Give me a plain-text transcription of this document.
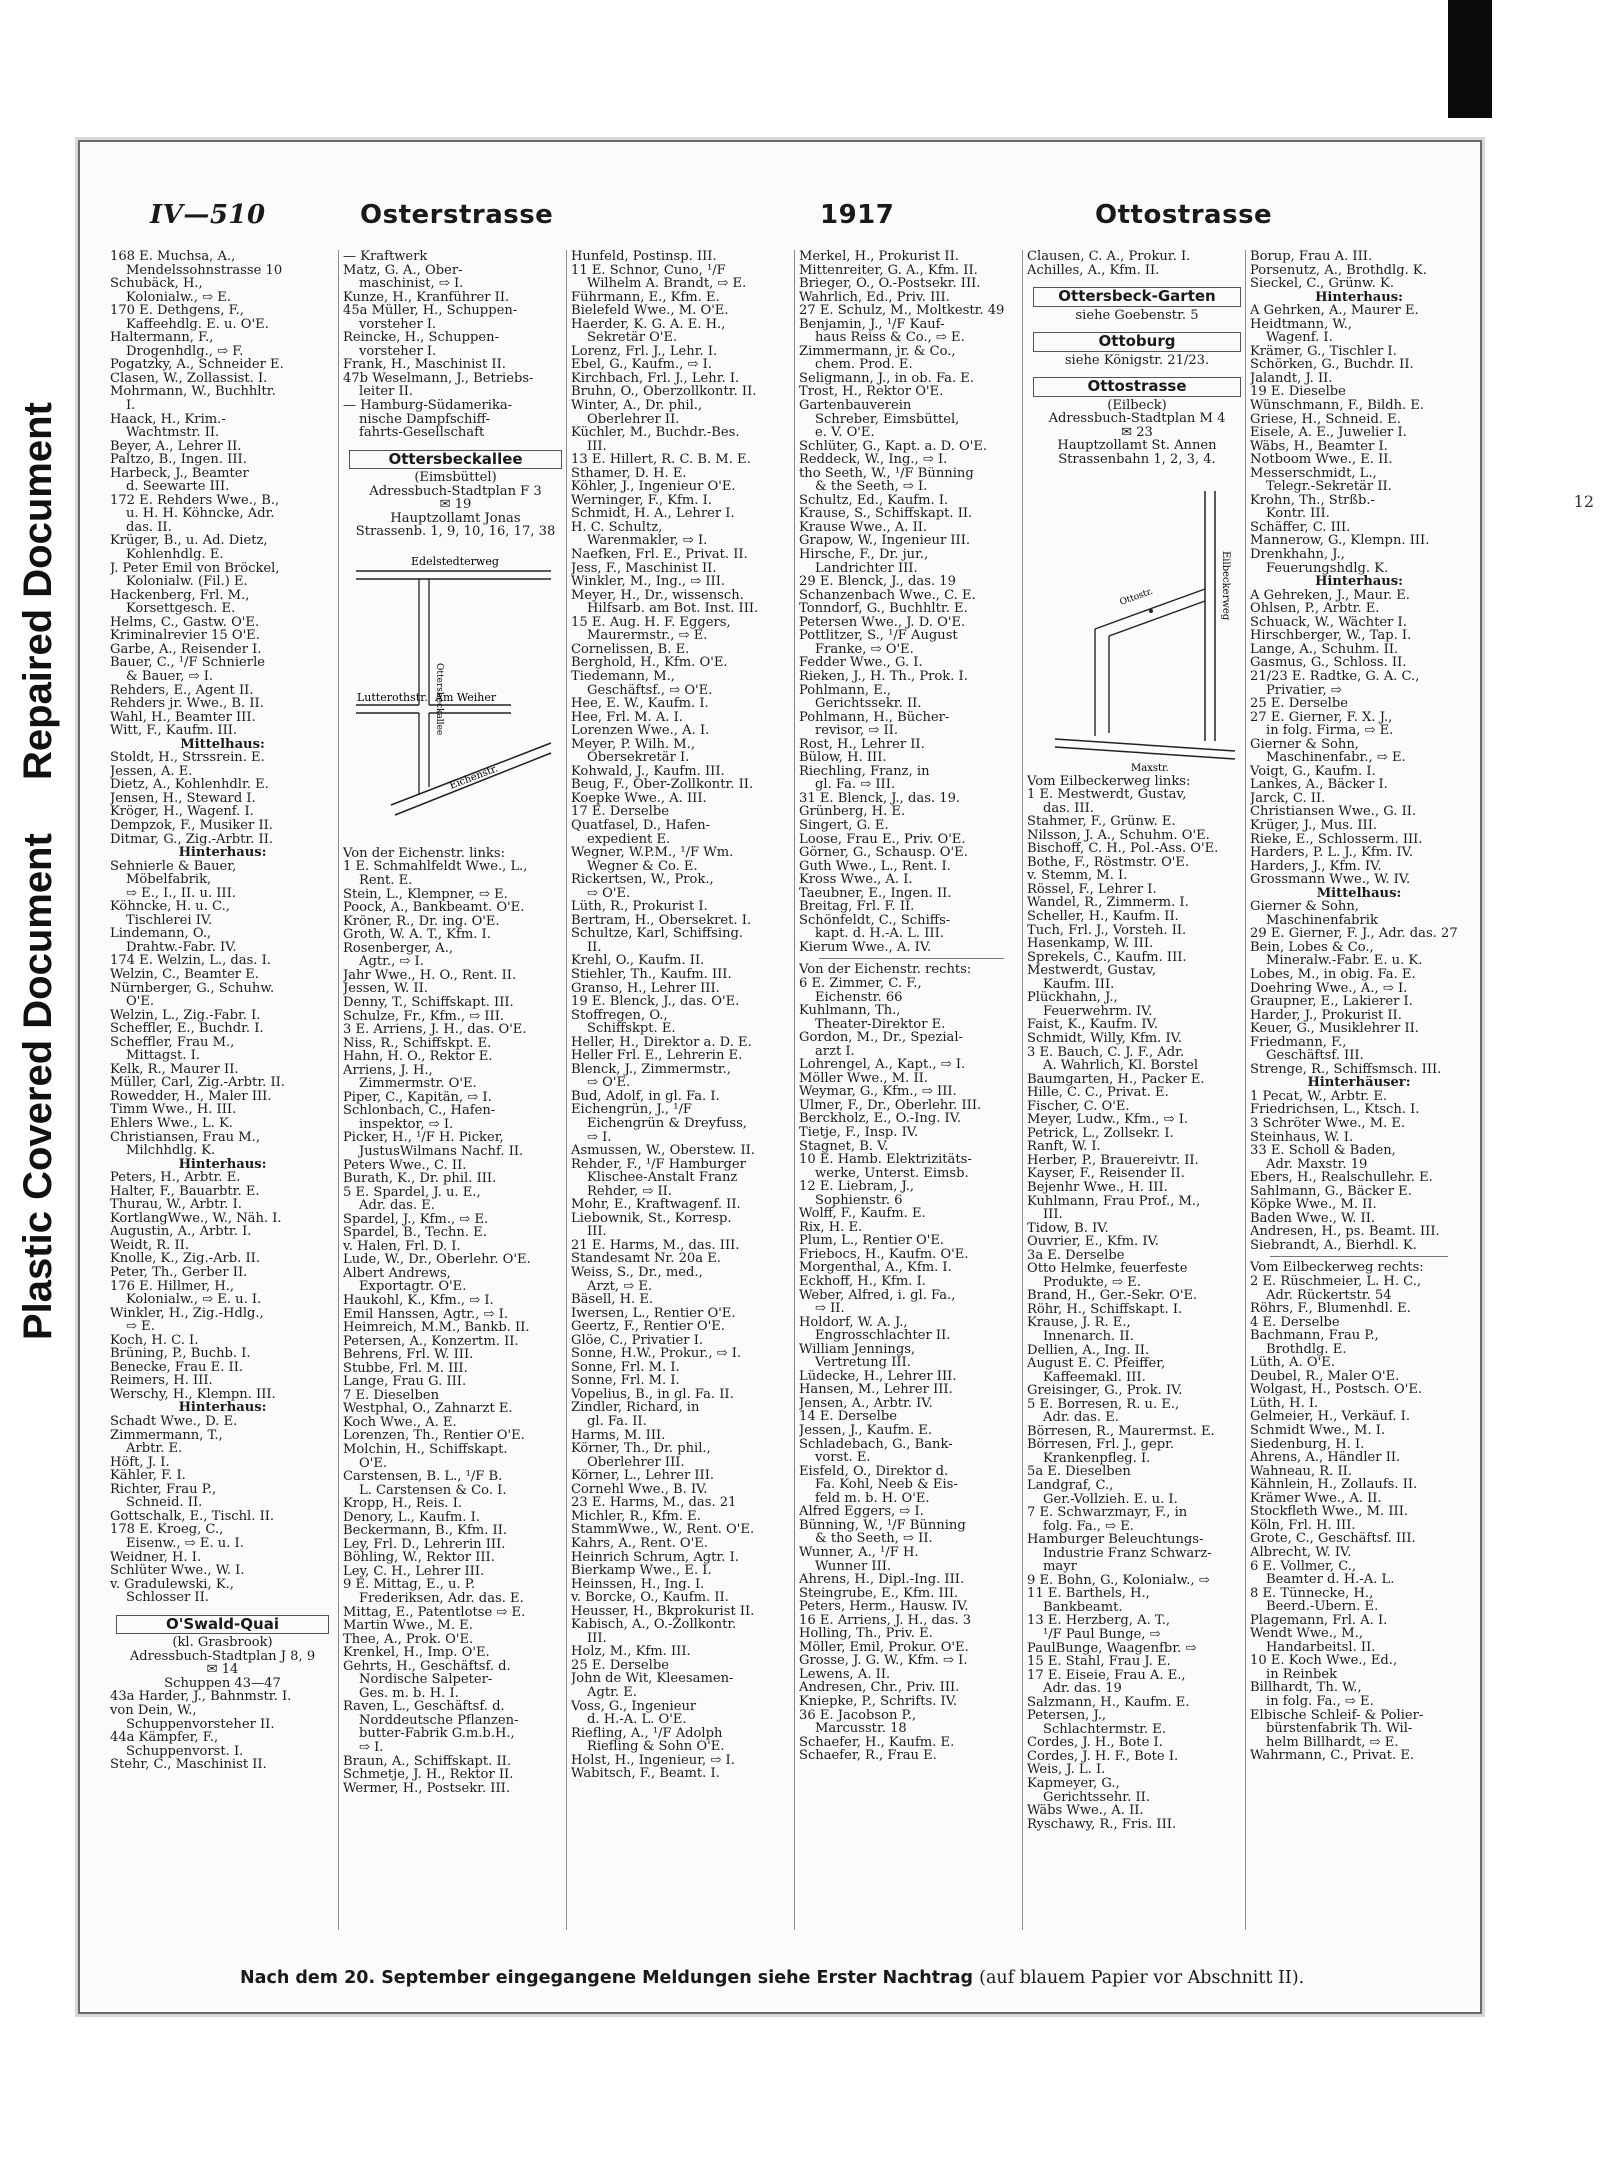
Repaired Document
Plastic Covered Document
12
IV—510	Osterstrasse	1917	Ottostrasse
168 E. Muchsa, A.,
Mendelssohnstrasse 10
Schubäck, H.,
Kolonialw., ⇨ E.
170 E. Dethgens, F.,
Kaffeehdlg. E. u. O'E.
Haltermann, F.,
Drogenhdlg., ⇨ F.
Pogatzky, A., Schneider E.
Clasen, W., Zollassist. I.
Mohrmann, W., Buchhltr.
I.
Haack, H., Krim.-
Wachtmstr. II.
Beyer, A., Lehrer II.
Paltzo, B., Ingen. III.
Harbeck, J., Beamter
d. Seewarte III.
172 E. Rehders Wwe., B.,
u. H. H. Köhncke, Adr.
das. II.
Krüger, B., u. Ad. Dietz,
Kohlenhdlg. E.
J. Peter Emil von Bröckel,
Kolonialw. (Fil.) E.
Hackenberg, Frl. M.,
Korsettgesch. E.
Helms, C., Gastw. O'E.
Kriminalrevier 15 O'E.
Garbe, A., Reisender I.
Bauer, C., ¹/F Schnierle
& Bauer, ⇨ I.
Rehders, E., Agent II.
Rehders jr. Wwe., B. II.
Wahl, H., Beamter III.
Witt, F., Kaufm. III.
Mittelhaus:
Stoldt, H., Strssrein. E.
Jessen, A. E.
Dietz, A., Kohlenhdlr. E.
Jensen, H., Steward I.
Kröger, H., Wagenf. I.
Dempzok, F., Musiker II.
Ditmar, G., Zig.-Arbtr. II.
Hinterhaus:
Sehnierle & Bauer,
Möbelfabrik,
⇨ E., I., II. u. III.
Köhncke, H. u. C.,
Tischlerei IV.
Lindemann, O.,
Drahtw.-Fabr. IV.
174 E. Welzin, L., das. I.
Welzin, C., Beamter E.
Nürnberger, G., Schuhw.
O'E.
Welzin, L., Zig.-Fabr. I.
Scheffler, E., Buchdr. I.
Scheffler, Frau M.,
Mittagst. I.
Kelk, R., Maurer II.
Müller, Carl, Zig.-Arbtr. II.
Rowedder, H., Maler III.
Timm Wwe., H. III.
Ehlers Wwe., L. K.
Christiansen, Frau M.,
Milchhdlg. K.
Hinterhaus:
Peters, H., Arbtr. E.
Halter, F., Bauarbtr. E.
Thurau, W., Arbtr. I.
KortlangWwe., W., Näh. I.
Augustin, A., Arbtr. I.
Weidt, R. II.
Knolle, K., Zig.-Arb. II.
Peter, Th., Gerber II.
176 E. Hillmer, H.,
Kolonialw., ⇨ E. u. I.
Winkler, H., Zig.-Hdlg.,
⇨ E.
Koch, H. C. I.
Brüning, P., Buchb. I.
Benecke, Frau E. II.
Reimers, H. III.
Werschy, H., Klempn. III.
Hinterhaus:
Schadt Wwe., D. E.
Zimmermann, T.,
Arbtr. E.
Höft, J. I.
Kähler, F. I.
Richter, Frau P.,
Schneid. II.
Gottschalk, E., Tischl. II.
178 E. Kroeg, C.,
Eisenw., ⇨ E. u. I.
Weidner, H. I.
Schlüter Wwe., W. I.
v. Gradulewski, K.,
Schlosser II.
O'Swald-Quai
(kl. Grasbrook)
Adressbuch-Stadtplan J 8, 9
✉ 14
Schuppen 43—47
43a Harder, J., Bahnmstr. I.
von Dein, W.,
Schuppenvorsteher II.
44a Kämpfer, F.,
Schuppenvorst. I.
Stehr, C., Maschinist II.
— Kraftwerk
Matz, G. A., Ober-
maschinist, ⇨ I.
Kunze, H., Kranführer II.
45a Müller, H., Schuppen-
vorsteher I.
Reincke, H., Schuppen-
vorsteher I.
Frank, H., Maschinist II.
47b Weselmann, J., Betriebs-
leiter II.
— Hamburg-Südamerika-
nische Dampfschiff-
fahrts-Gesellschaft
Ottersbeckallee
(Eimsbüttel)
Adressbuch-Stadtplan F 3
✉ 19
Hauptzollamt Jonas
Strassenb. 1, 9, 10, 16, 17, 38
Edelstedterweg
Lutterothstr. Am Weiher
Eichenstr.
Ottersbeckallee
Von der Eichenstr. links:
1 E. Schmahlfeldt Wwe., L.,
Rent. E.
Stein, L., Klempner, ⇨ E.
Poock, A., Bankbeamt. O'E.
Kröner, R., Dr. ing. O'E.
Groth, W. A. T., Kfm. I.
Rosenberger, A.,
Agtr., ⇨ I.
Jahr Wwe., H. O., Rent. II.
Jessen, W. II.
Denny, T., Schiffskapt. III.
Schulze, Fr., Kfm., ⇨ III.
3 E. Arriens, J. H., das. O'E.
Niss, R., Schiffskpt. E.
Hahn, H. O., Rektor E.
Arriens, J. H.,
Zimmermstr. O'E.
Piper, C., Kapitän, ⇨ I.
Schlonbach, C., Hafen-
inspektor, ⇨ I.
Picker, H., ¹/F H. Picker,
JustusWilmans Nachf. II.
Peters Wwe., C. II.
Burath, K., Dr. phil. III.
5 E. Spardel, J. u. E.,
Adr. das. E.
Spardel, J., Kfm., ⇨ E.
Spardel, B., Techn. E.
v. Halen, Frl. D. I.
Lude, W., Dr., Oberlehr. O'E.
Albert Andrews,
Exportagtr. O'E.
Haukohl, K., Kfm., ⇨ I.
Emil Hanssen, Agtr., ⇨ I.
Heimreich, M.M., Bankb. II.
Petersen, A., Konzertm. II.
Behrens, Frl. W. III.
Stubbe, Frl. M. III.
Lange, Frau G. III.
7 E. Dieselben
Westphal, O., Zahnarzt E.
Koch Wwe., A. E.
Lorenzen, Th., Rentier O'E.
Molchin, H., Schiffskapt.
O'E.
Carstensen, B. L., ¹/F B.
L. Carstensen & Co. I.
Kropp, H., Reis. I.
Denory, L., Kaufm. I.
Beckermann, B., Kfm. II.
Ley, Frl. D., Lehrerin III.
Böhling, W., Rektor III.
Ley, C. H., Lehrer III.
9 E. Mittag, E., u. P.
Frederiksen, Adr. das. E.
Mittag, E., Patentlotse ⇨ E.
Martin Wwe., M. E.
Thee, A., Prok. O'E.
Krenkel, H., Imp. O'E.
Gehrts, H., Geschäftsf. d.
Nordische Salpeter-
Ges. m. b. H. I.
Raven, L., Geschäftsf. d.
Norddeutsche Pflanzen-
butter-Fabrik G.m.b.H.,
⇨ I.
Braun, A., Schiffskapt. II.
Schmetje, J. H., Rektor II.
Wermer, H., Postsekr. III.
Hunfeld, Postinsp. III.
11 E. Schnor, Cuno, ¹/F
Wilhelm A. Brandt, ⇨ E.
Führmann, E., Kfm. E.
Bielefeld Wwe., M. O'E.
Haerder, K. G. A. E. H.,
Sekretär O'E.
Lorenz, Frl. J., Lehr. I.
Ebel, G., Kaufm., ⇨ I.
Kirchbach, Frl. J., Lehr. I.
Bruhn, O., Oberzollkontr. II.
Winter, A., Dr. phil.,
Oberlehrer II.
Küchler, M., Buchdr.-Bes.
III.
13 E. Hillert, R. C. B. M. E.
Sthamer, D. H. E.
Köhler, J., Ingenieur O'E.
Werninger, F., Kfm. I.
Schmidt, H. A., Lehrer I.
H. C. Schultz,
Warenmakler, ⇨ I.
Naefken, Frl. E., Privat. II.
Jess, F., Maschinist II.
Winkler, M., Ing., ⇨ III.
Meyer, H., Dr., wissensch.
Hilfsarb. am Bot. Inst. III.
15 E. Aug. H. F. Eggers,
Maurermstr., ⇨ E.
Cornelissen, B. E.
Berghold, H., Kfm. O'E.
Tiedemann, M.,
Geschäftsf., ⇨ O'E.
Hee, E. W., Kaufm. I.
Hee, Frl. M. A. I.
Lorenzen Wwe., A. I.
Meyer, P. Wilh. M.,
Obersekretär I.
Kohwald, J., Kaufm. III.
Beug, F., Ober-Zollkontr. II.
Koepke Wwe., A. III.
17 E. Derselbe
Quatfasel, D., Hafen-
expedient E.
Wegner, W.P.M., ¹/F Wm.
Wegner & Co. E.
Rickertsen, W., Prok.,
⇨ O'E.
Lüth, R., Prokurist I.
Bertram, H., Obersekret. I.
Schultze, Karl, Schiffsing.
II.
Krehl, O., Kaufm. II.
Stiehler, Th., Kaufm. III.
Granso, H., Lehrer III.
19 E. Blenck, J., das. O'E.
Stoffregen, O.,
Schiffskpt. E.
Heller, H., Direktor a. D. E.
Heller Frl. E., Lehrerin E.
Blenck, J., Zimmermstr.,
⇨ O'E.
Bud, Adolf, in gl. Fa. I.
Eichengrün, J., ¹/F
Eichengrün & Dreyfuss,
⇨ I.
Asmussen, W., Oberstew. II.
Rehder, F., ¹/F Hamburger
Klischee-Anstalt Franz
Rehder, ⇨ II.
Mohr, E., Kraftwagenf. II.
Liebownik, St., Korresp.
III.
21 E. Harms, M., das. III.
Standesamt Nr. 20a E.
Weiss, S., Dr., med.,
Arzt, ⇨ E.
Bäsell, H. E.
Iwersen, L., Rentier O'E.
Geertz, F., Rentier O'E.
Glöe, C., Privatier I.
Sonne, H.W., Prokur., ⇨ I.
Sonne, Frl. M. I.
Sonne, Frl. M. I.
Vopelius, B., in gl. Fa. II.
Zindler, Richard, in
gl. Fa. II.
Harms, M. III.
Körner, Th., Dr. phil.,
Oberlehrer III.
Körner, L., Lehrer III.
Cornehl Wwe., B. IV.
23 E. Harms, M., das. 21
Michler, R., Kfm. E.
StammWwe., W., Rent. O'E.
Kahrs, A., Rent. O'E.
Heinrich Schrum, Agtr. I.
Bierkamp Wwe., E. I.
Heinssen, H., Ing. I.
v. Borcke, O., Kaufm. II.
Heusser, H., Bkprokurist II.
Kabisch, A., O.-Zollkontr.
III.
Holz, M., Kfm. III.
25 E. Derselbe
John de Wit, Kleesamen-
Agtr. E.
Voss, G., Ingenieur
d. H.-A. L. O'E.
Riefling, A., ¹/F Adolph
Riefling & Sohn O'E.
Holst, H., Ingenieur, ⇨ I.
Wabitsch, F., Beamt. I.
Merkel, H., Prokurist II.
Mittenreiter, G. A., Kfm. II.
Brieger, O., O.-Postsekr. III.
Wahrlich, Ed., Priv. III.
27 E. Schulz, M., Moltkestr. 49
Benjamin, J., ¹/F Kauf-
haus Reiss & Co., ⇨ E.
Zimmermann, jr. & Co.,
chem. Prod. E.
Seligmann, J., in ob. Fa. E.
Trost, H., Rektor O'E.
Gartenbauverein
Schreber, Eimsbüttel,
e. V. O'E.
Schlüter, G., Kapt. a. D. O'E.
Reddeck, W., Ing., ⇨ I.
tho Seeth, W., ¹/F Bünning
& the Seeth, ⇨ I.
Schultz, Ed., Kaufm. I.
Krause, S., Schiffskapt. II.
Krause Wwe., A. II.
Grapow, W., Ingenieur III.
Hirsche, F., Dr. jur.,
Landrichter III.
29 E. Blenck, J., das. 19
Schanzenbach Wwe., C. E.
Tonndorf, G., Buchhltr. E.
Petersen Wwe., J. D. O'E.
Pottlitzer, S., ¹/F August
Franke, ⇨ O'E.
Fedder Wwe., G. I.
Rieken, J., H. Th., Prok. I.
Pohlmann, E.,
Gerichtssekr. II.
Pohlmann, H., Bücher-
revisor, ⇨ II.
Rost, H., Lehrer II.
Bülow, H. III.
Riechling, Franz, in
gl. Fa. ⇨ III.
31 E. Blenck, J., das. 19.
Grünberg, H. E.
Singert, G. E.
Loose, Frau E., Priv. O'E.
Görner, G., Schausp. O'E.
Guth Wwe., L., Rent. I.
Kross Wwe., A. I.
Taeubner, E., Ingen. II.
Breitag, Frl. F. II.
Schönfeldt, C., Schiffs-
kapt. d. H.-A. L. III.
Kierum Wwe., A. IV.
Von der Eichenstr. rechts:
6 E. Zimmer, C. F.,
Eichenstr. 66
Kuhlmann, Th.,
Theater-Direktor E.
Gordon, M., Dr., Spezial-
arzt I.
Lohrengel, A., Kapt., ⇨ I.
Möller Wwe., M. II.
Weymar, G., Kfm., ⇨ III.
Ulmer, F., Dr., Oberlehr. III.
Berckholz, E., O.-Ing. IV.
Tietje, F., Insp. IV.
Stagnet, B. V.
10 E. Hamb. Elektrizitäts-
werke, Unterst. Eimsb.
12 E. Liebram, J.,
Sophienstr. 6
Wolff, F., Kaufm. E.
Rix, H. E.
Plum, L., Rentier O'E.
Friebocs, H., Kaufm. O'E.
Morgenthal, A., Kfm. I.
Eckhoff, H., Kfm. I.
Weber, Alfred, i. gl. Fa.,
⇨ II.
Holdorf, W. A. J.,
Engrosschlachter II.
William Jennings,
Vertretung III.
Lüdecke, H., Lehrer III.
Hansen, M., Lehrer III.
Jensen, A., Arbtr. IV.
14 E. Derselbe
Jessen, J., Kaufm. E.
Schladebach, G., Bank-
vorst. E.
Eisfeld, O., Direktor d.
Fa. Kohl, Neeb & Eis-
feld m. b. H. O'E.
Alfred Eggers, ⇨ I.
Bünning, W., ¹/F Bünning
& tho Seeth, ⇨ II.
Wunner, A., ¹/F H.
Wunner III.
Ahrens, H., Dipl.-Ing. III.
Steingrube, E., Kfm. III.
Peters, Herm., Hausw. IV.
16 E. Arriens, J. H., das. 3
Holling, Th., Priv. E.
Möller, Emil, Prokur. O'E.
Grosse, J. G. W., Kfm. ⇨ I.
Lewens, A. II.
Andresen, Chr., Priv. III.
Kniepke, P., Schrifts. IV.
36 E. Jacobson P.,
Marcusstr. 18
Schaefer, H., Kaufm. E.
Schaefer, R., Frau E.
Clausen, C. A., Prokur. I.
Achilles, A., Kfm. II.
Ottersbeck-Garten
siehe Goebenstr. 5
Ottoburg
siehe Königstr. 21/23.
Ottostrasse
(Eilbeck)
Adressbuch-Stadtplan M 4
✉ 23
Hauptzollamt St. Annen
Strassenbahn 1, 2, 3, 4.
Eilbeckerweg
Maxstr.
Ottostr.
Vom Eilbeckerweg links:
1 E. Mestwerdt, Gustav,
das. III.
Stahmer, F., Grünw. E.
Nilsson, J. A., Schuhm. O'E.
Bischoff, C. H., Pol.-Ass. O'E.
Bothe, F., Röstmstr. O'E.
v. Stemm, M. I.
Rössel, F., Lehrer I.
Wandel, R., Zimmerm. I.
Scheller, H., Kaufm. II.
Tuch, Frl. J., Vorsteh. II.
Hasenkamp, W. III.
Sprekels, C., Kaufm. III.
Mestwerdt, Gustav,
Kaufm. III.
Plückhahn, J.,
Feuerwehrm. IV.
Faist, K., Kaufm. IV.
Schmidt, Willy, Kfm. IV.
3 E. Bauch, C. J. F., Adr.
A. Wahrlich, Kl. Borstel
Baumgarten, H., Packer E.
Hille, C. C., Privat. E.
Fischer, C. O'E.
Meyer, Ludw., Kfm., ⇨ I.
Petrick, L., Zollsekr. I.
Ranft, W. I.
Herber, P., Brauereivtr. II.
Kayser, F., Reisender II.
Bejenhr Wwe., H. III.
Kuhlmann, Frau Prof., M.,
III.
Tidow, B. IV.
Ouvrier, E., Kfm. IV.
3a E. Derselbe
Otto Helmke, feuerfeste
Produkte, ⇨ E.
Brand, H., Ger.-Sekr. O'E.
Röhr, H., Schiffskapt. I.
Krause, J. R. E.,
Innenarch. II.
Dellien, A., Ing. II.
August E. C. Pfeiffer,
Kaffeemakl. III.
Greisinger, G., Prok. IV.
5 E. Borresen, R. u. E.,
Adr. das. E.
Börresen, R., Maurermst. E.
Börresen, Frl. J., gepr.
Krankenpfleg. I.
5a E. Dieselben
Landgraf, C.,
Ger.-Vollzieh. E. u. I.
7 E. Schwarzmayr, F., in
folg. Fa., ⇨ E.
Hamburger Beleuchtungs-
Industrie Franz Schwarz-
mayr
9 E. Bohn, G., Kolonialw., ⇨
11 E. Barthels, H.,
Bankbeamt.
13 E. Herzberg, A. T.,
¹/F Paul Bunge, ⇨
PaulBunge, Waagenfbr. ⇨
15 E. Stahl, Frau J. E.
17 E. Eiseie, Frau A. E.,
Adr. das. 19
Salzmann, H., Kaufm. E.
Petersen, J.,
Schlachtermstr. E.
Cordes, J. H., Bote I.
Cordes, J. H. F., Bote I.
Weis, J. L. I.
Kapmeyer, G.,
Gerichtssehr. II.
Wäbs Wwe., A. II.
Ryschawy, R., Fris. III.
Borup, Frau A. III.
Porsenutz, A., Brothdlg. K.
Sieckel, C., Grünw. K.
Hinterhaus:
A Gehrken, A., Maurer E.
Heidtmann, W.,
Wagenf. I.
Krämer, G., Tischler I.
Schörken, G., Buchdr. II.
Jalandt, J. II.
19 E. Dieselbe
Wünschmann, F., Bildh. E.
Griese, H., Schneid. E.
Eisele, A. E., Juwelier I.
Wäbs, H., Beamter I.
Notboom Wwe., E. II.
Messerschmidt, L.,
Telegr.-Sekretär II.
Krohn, Th., Strßb.-
Kontr. III.
Schäffer, C. III.
Mannerow, G., Klempn. III.
Drenkhahn, J.,
Feuerungshdlg. K.
Hinterhaus:
A Gehreken, J., Maur. E.
Ohlsen, P., Arbtr. E.
Schuack, W., Wächter I.
Hirschberger, W., Tap. I.
Lange, A., Schuhm. II.
Gasmus, G., Schloss. II.
21/23 E. Radtke, G. A. C.,
Privatier, ⇨
25 E. Derselbe
27 E. Gierner, F. X. J.,
in folg. Firma, ⇨ E.
Gierner & Sohn,
Maschinenfabr., ⇨ E.
Voigt, G., Kaufm. I.
Lankes, A., Bäcker I.
Jarck, C. II.
Christiansen Wwe., G. II.
Krüger, J., Mus. III.
Rieke, E., Schlosserm. III.
Harders, P. L. J., Kfm. IV.
Harders, J., Kfm. IV.
Grossmann Wwe., W. IV.
Mittelhaus:
Gierner & Sohn,
Maschinenfabrik
29 E. Gierner, F. J., Adr. das. 27
Bein, Lobes & Co.,
Mineralw.-Fabr. E. u. K.
Lobes, M., in obig. Fa. E.
Doehring Wwe., A., ⇨ I.
Graupner, E., Lakierer I.
Harder, J., Prokurist II.
Keuer, G., Musiklehrer II.
Friedmann, F.,
Geschäftsf. III.
Strenge, R., Schiffsmsch. III.
Hinterhäuser:
1 Pecat, W., Arbtr. E.
Friedrichsen, L., Ktsch. I.
3 Schröter Wwe., M. E.
Steinhaus, W. I.
33 E. Scholl & Baden,
Adr. Maxstr. 19
Ebers, H., Realschullehr. E.
Sahlmann, G., Bäcker E.
Köpke Wwe., M. II.
Baden Wwe., W. II.
Andresen, H., ps. Beamt. III.
Siebrandt, A., Bierhdl. K.
Vom Eilbeckerweg rechts:
2 E. Rüschmeier, L. H. C.,
Adr. Rückertstr. 54
Röhrs, F., Blumenhdl. E.
4 E. Derselbe
Bachmann, Frau P.,
Brothdlg. E.
Lüth, A. O'E.
Deubel, R., Maler O'E.
Wolgast, H., Postsch. O'E.
Lüth, H. I.
Gelmeier, H., Verkäuf. I.
Schmidt Wwe., M. I.
Siedenburg, H. I.
Ahrens, A., Händler II.
Wahneau, R. II.
Kähnlein, H., Zollaufs. II.
Krämer Wwe., A. II.
Stockfleth Wwe., M. III.
Köln, Frl. H. III.
Grote, C., Geschäftsf. III.
Albrecht, W. IV.
6 E. Vollmer, C.,
Beamter d. H.-A. L.
8 E. Tünnecke, H.,
Beerd.-Übern. E.
Plagemann, Frl. A. I.
Wendt Wwe., M.,
Handarbeitsl. II.
10 E. Koch Wwe., Ed.,
in Reinbek
Billhardt, Th. W.,
in folg. Fa., ⇨ E.
Elbische Schleif- & Polier-
bürstenfabrik Th. Wil-
helm Billhardt, ⇨ E.
Wahrmann, C., Privat. E.
Nach dem 20. September eingegangene Meldungen siehe Erster Nachtrag (auf blauem Papier vor Abschnitt II).
